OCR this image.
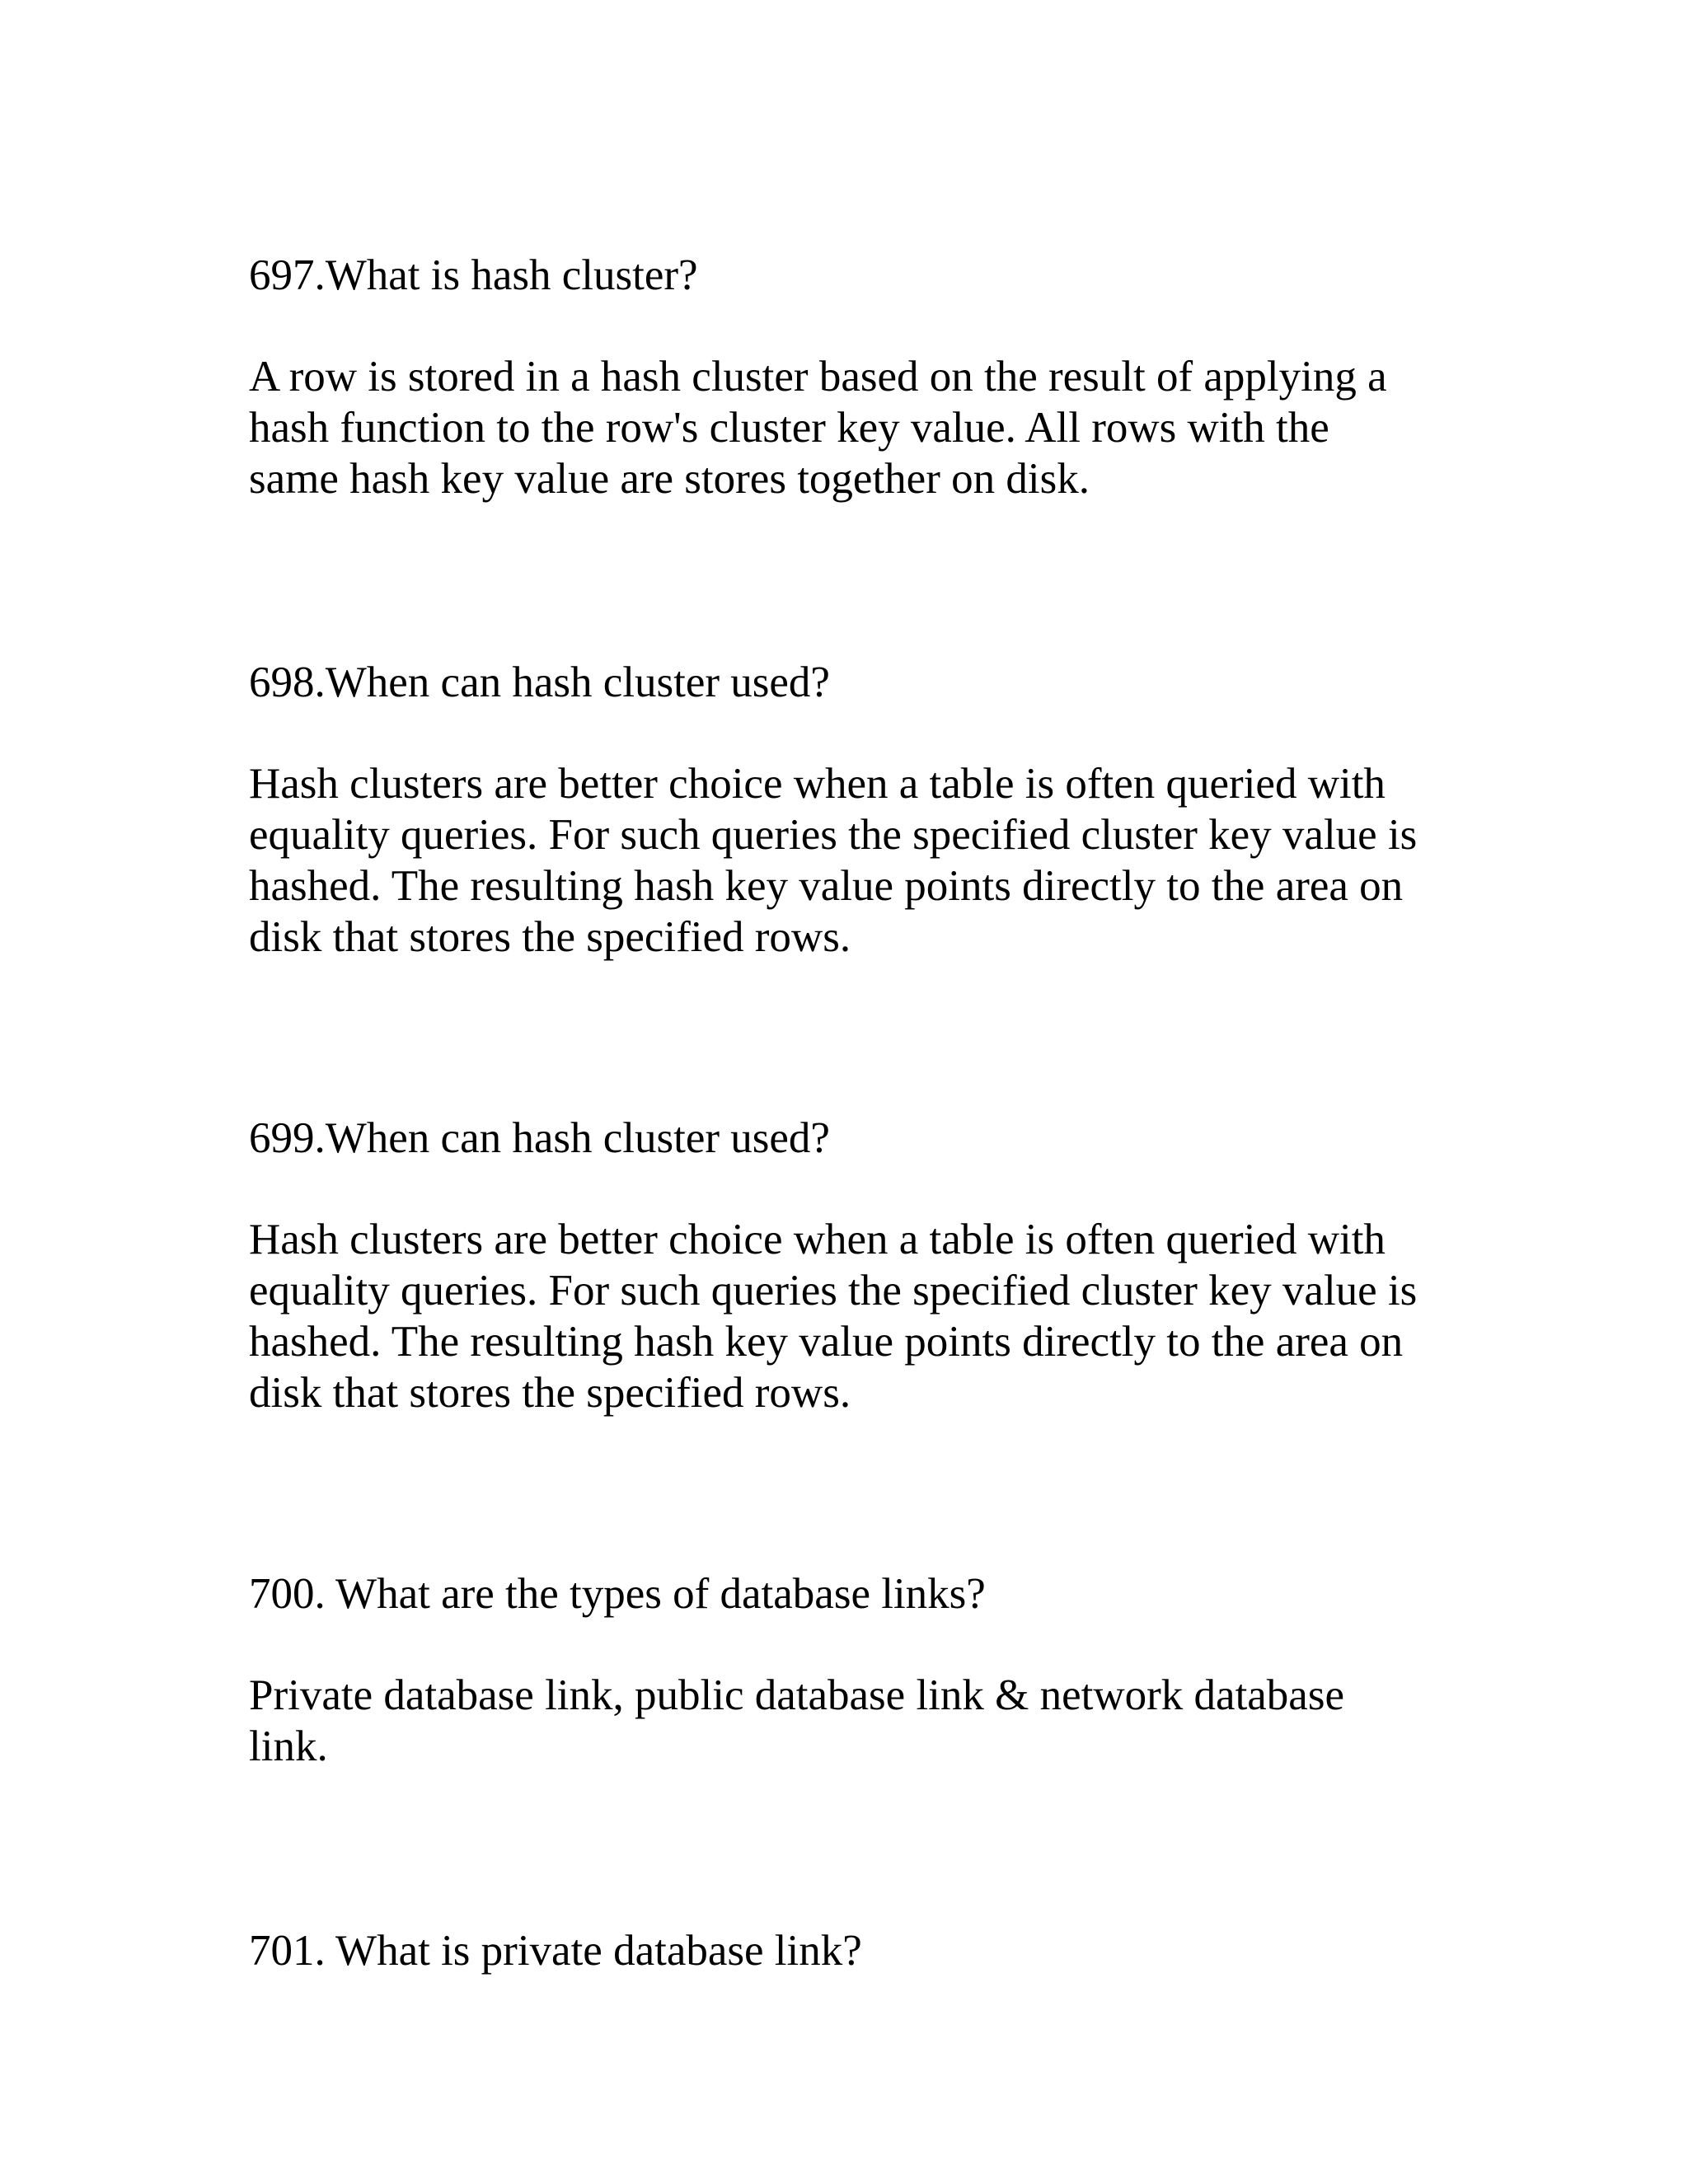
697.What is hash cluster?

A row is stored in a hash cluster based on the result of applying a

hash function to the row's cluster key value. All rows with the

same hash key value are stores together on disk.

698.When can hash cluster used?

Hash clusters are better choice when a table is often queried with

equality queries. For such queries the specified cluster key value is

hashed. The resulting hash key value points directly to the area on

disk that stores the specified rows.

699.When can hash cluster used?

Hash clusters are better choice when a table is often queried with

equality queries. For such queries the specified cluster key value is

hashed. The resulting hash key value points directly to the area on

disk that stores the specified rows.

700. What are the types of database links?

Private database link, public database link & network database

link.

701. What is private database link?
